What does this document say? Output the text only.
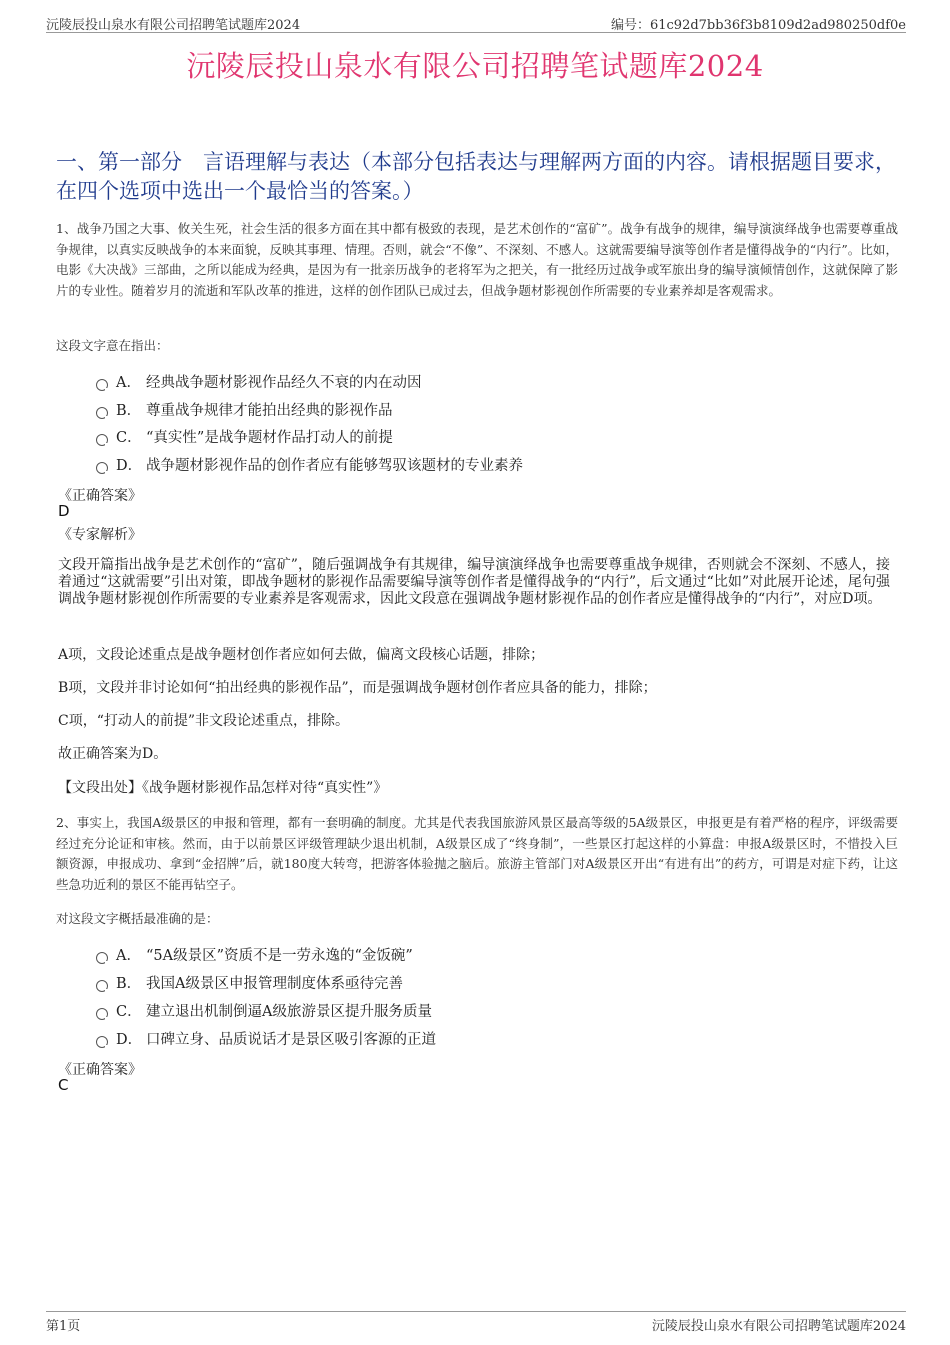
沅陵辰投山泉水有限公司招聘笔试题库2024	编号：61c92d7bb36f3b8109d2ad980250df0e
沅陵辰投山泉水有限公司招聘笔试题库2024
一、第一部分　言语理解与表达（本部分包括表达与理解两方面的内容。请根据题目要求，在四个选项中选出一个最恰当的答案。）
1、战争乃国之大事、攸关生死，社会生活的很多方面在其中都有极致的表现，是艺术创作的“富矿”。战争有战争的规律，编导演演绎战争也需要尊重战争规律，以真实反映战争的本来面貌，反映其事理、情理。否则，就会“不像”、不深刻、不感人。这就需要编导演等创作者是懂得战争的“内行”。比如，电影《大决战》三部曲，之所以能成为经典，是因为有一批亲历战争的老将军为之把关，有一批经历过战争或军旅出身的编导演倾情创作，这就保障了影片的专业性。随着岁月的流逝和军队改革的推进，这样的创作团队已成过去，但战争题材影视创作所需要的专业素养却是客观需求。
这段文字意在指出：
A． 经典战争题材影视作品经久不衰的内在动因
B． 尊重战争规律才能拍出经典的影视作品
C． “真实性”是战争题材作品打动人的前提
D． 战争题材影视作品的创作者应有能够驾驭该题材的专业素养
《正确答案》
D
《专家解析》
文段开篇指出战争是艺术创作的“富矿”，随后强调战争有其规律，编导演演绎战争也需要尊重战争规律，否则就会不深刻、不感人，接着通过“这就需要”引出对策，即战争题材的影视作品需要编导演等创作者是懂得战争的“内行”，后文通过“比如”对此展开论述，尾句强调战争题材影视创作所需要的专业素养是客观需求，因此文段意在强调战争题材影视作品的创作者应是懂得战争的“内行”，对应D项。
A项，文段论述重点是战争题材创作者应如何去做，偏离文段核心话题，排除；
B项，文段并非讨论如何“拍出经典的影视作品”，而是强调战争题材创作者应具备的能力，排除；
C项，“打动人的前提”非文段论述重点，排除。
故正确答案为D。
【文段出处】《战争题材影视作品怎样对待“真实性”》
2、事实上，我国A级景区的申报和管理，都有一套明确的制度。尤其是代表我国旅游风景区最高等级的5A级景区，申报更是有着严格的程序，评级需要经过充分论证和审核。然而，由于以前景区评级管理缺少退出机制，A级景区成了“终身制”，一些景区打起这样的小算盘：申报A级景区时，不惜投入巨额资源，申报成功、拿到“金招牌”后，就180度大转弯，把游客体验抛之脑后。旅游主管部门对A级景区开出“有进有出”的药方，可谓是对症下药，让这些急功近利的景区不能再钻空子。
对这段文字概括最准确的是：
A． “5A级景区”资质不是一劳永逸的“金饭碗”
B． 我国A级景区申报管理制度体系亟待完善
C． 建立退出机制倒逼A级旅游景区提升服务质量
D． 口碑立身、品质说话才是景区吸引客源的正道
《正确答案》
C
第1页	沅陵辰投山泉水有限公司招聘笔试题库2024
